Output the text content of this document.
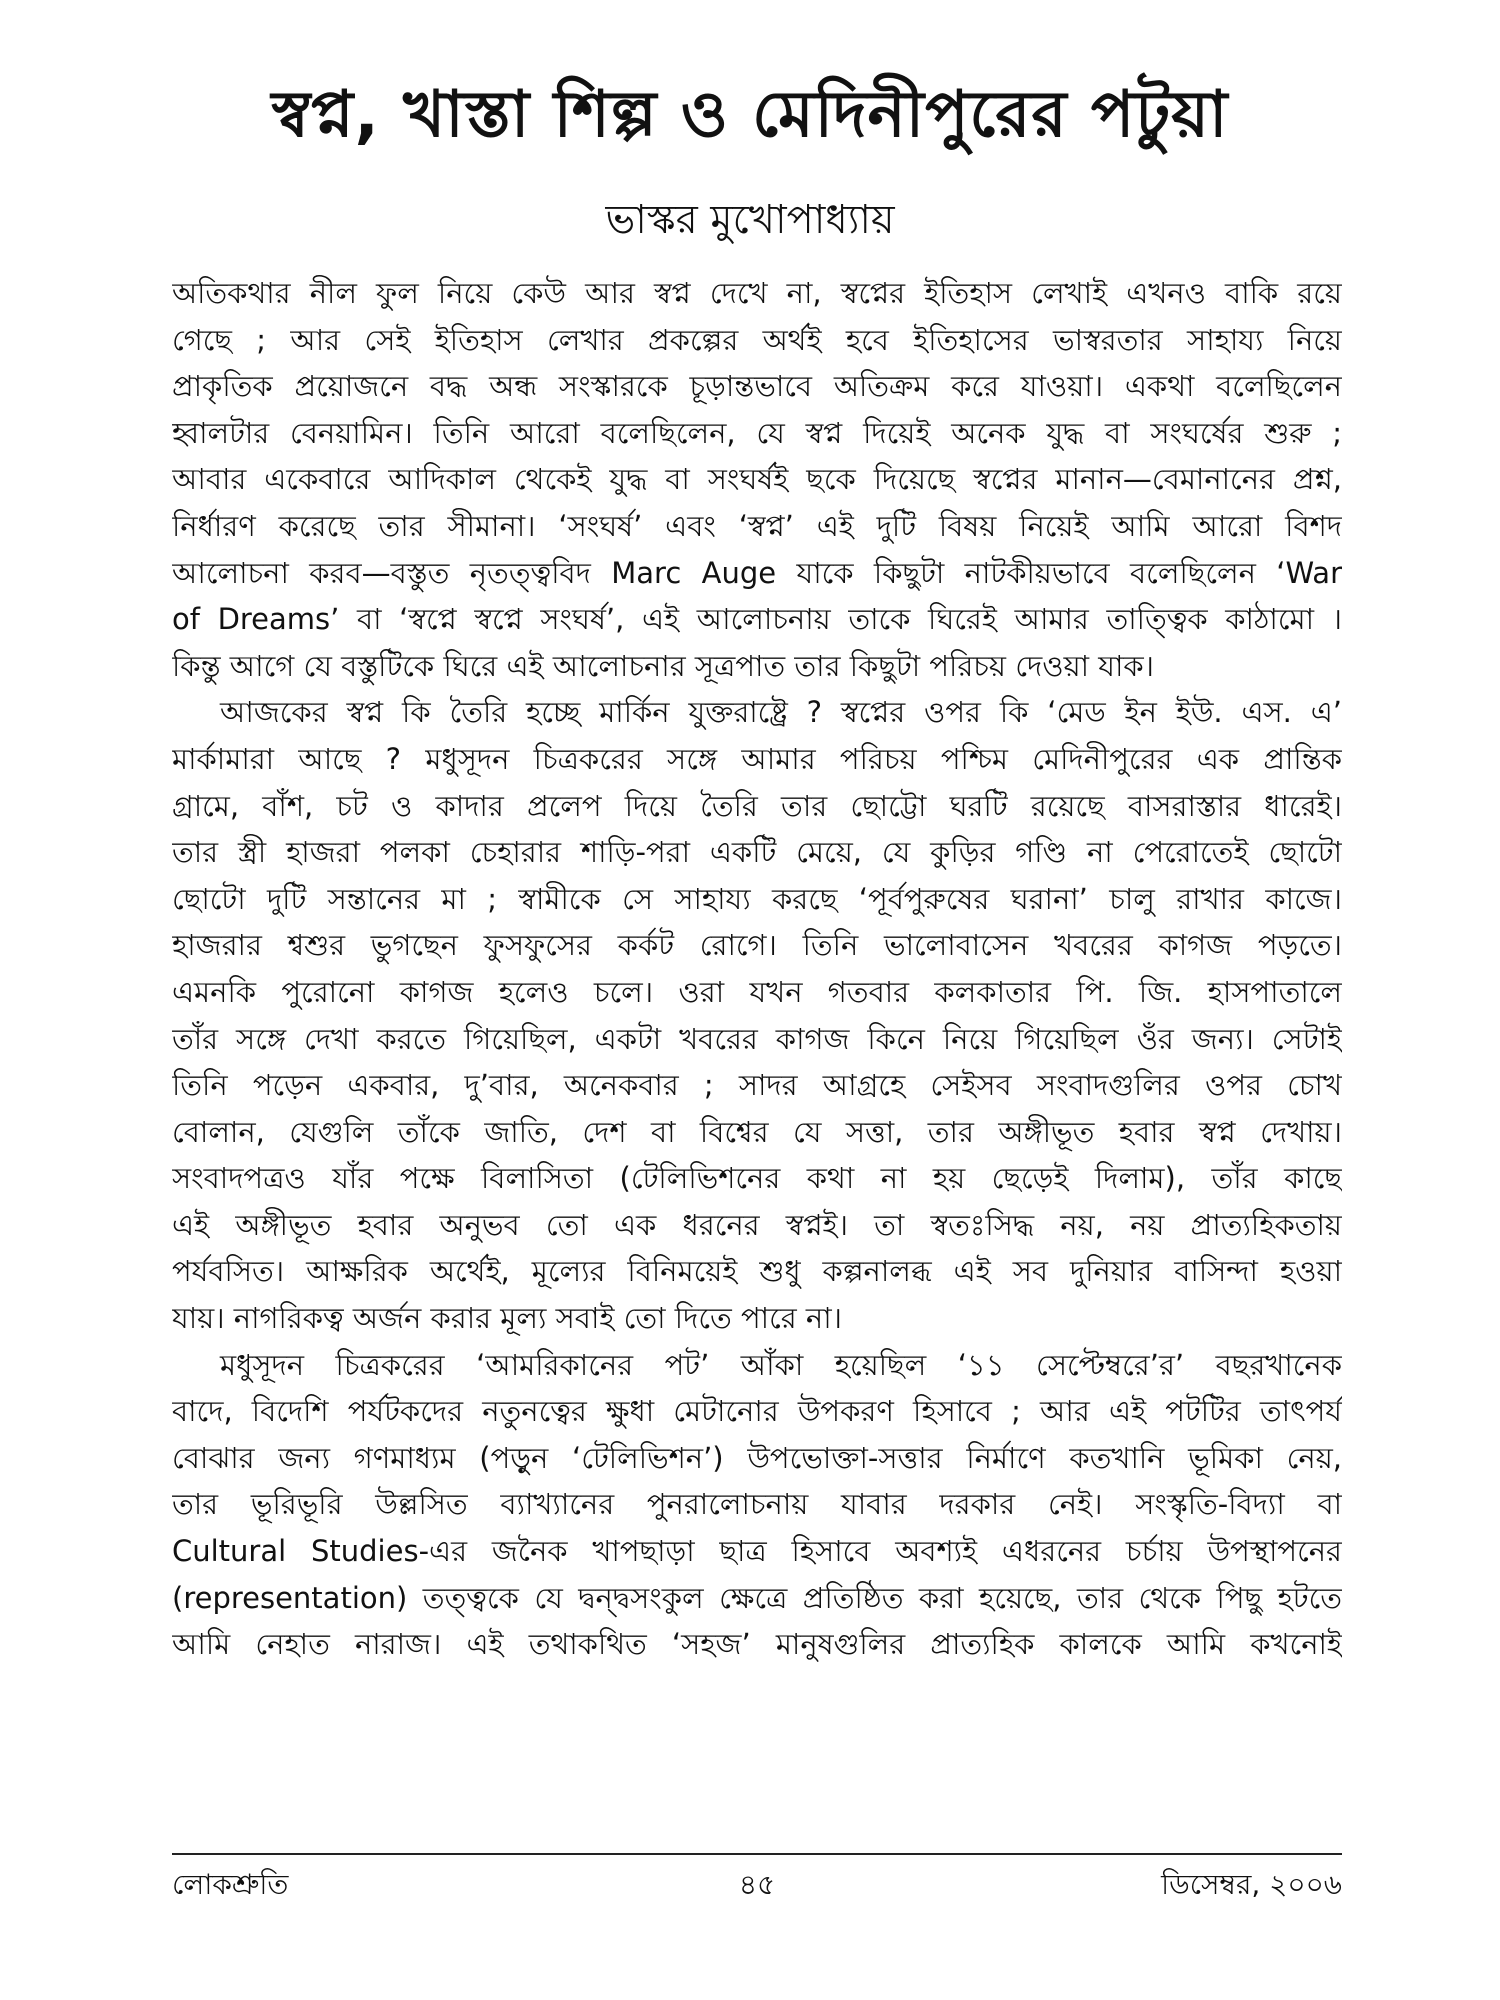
স্বপ্ন, খাস্তা শিল্প ও মেদিনীপুরের পটুয়া
ভাস্কর মুখোপাধ্যায়
অতিকথার নীল ফুল নিয়ে কেউ আর স্বপ্ন দেখে না, স্বপ্নের ইতিহাস লেখাই এখনও বাকি রয়ে
গেছে ; আর সেই ইতিহাস লেখার প্রকল্পের অর্থই হবে ইতিহাসের ভাস্বরতার সাহায্য নিয়ে
প্রাকৃতিক প্রয়োজনে বদ্ধ অন্ধ সংস্কারকে চূড়ান্তভাবে অতিক্রম করে যাওয়া। একথা বলেছিলেন
হ্বালটার বেনয়ামিন। তিনি আরো বলেছিলেন, যে স্বপ্ন দিয়েই অনেক যুদ্ধ বা সংঘর্ষের শুরু ;
আবার একেবারে আদিকাল থেকেই যুদ্ধ বা সংঘর্ষই ছকে দিয়েছে স্বপ্নের মানান—বেমানানের প্রশ্ন,
নির্ধারণ করেছে তার সীমানা। ‘সংঘর্ষ’ এবং ‘স্বপ্ন’ এই দুটি বিষয় নিয়েই আমি আরো বিশদ
আলোচনা করব—বস্তুত নৃতত্ত্ববিদ Marc Auge যাকে কিছুটা নাটকীয়ভাবে বলেছিলেন ‘War
of Dreams’ বা ‘স্বপ্নে স্বপ্নে সংঘর্ষ’, এই আলোচনায় তাকে ঘিরেই আমার তাত্ত্বিক কাঠামো ।
কিন্তু আগে যে বস্তুটিকে ঘিরে এই আলোচনার সূত্রপাত তার কিছুটা পরিচয় দেওয়া যাক।
আজকের স্বপ্ন কি তৈরি হচ্ছে মার্কিন যুক্তরাষ্ট্রে ? স্বপ্নের ওপর কি ‘মেড ইন ইউ. এস. এ’
মার্কামারা আছে ? মধুসূদন চিত্রকরের সঙ্গে আমার পরিচয় পশ্চিম মেদিনীপুরের এক প্রান্তিক
গ্রামে, বাঁশ, চট ও কাদার প্রলেপ দিয়ে তৈরি তার ছোট্টো ঘরটি রয়েছে বাসরাস্তার ধারেই।
তার স্ত্রী হাজরা পলকা চেহারার শাড়ি-পরা একটি মেয়ে, যে কুড়ির গণ্ডি না পেরোতেই ছোটো
ছোটো দুটি সন্তানের মা ; স্বামীকে সে সাহায্য করছে ‘পূর্বপুরুষের ঘরানা’ চালু রাখার কাজে।
হাজরার শ্বশুর ভুগছেন ফুসফুসের কর্কট রোগে। তিনি ভালোবাসেন খবরের কাগজ পড়তে।
এমনকি পুরোনো কাগজ হলেও চলে। ওরা যখন গতবার কলকাতার পি. জি. হাসপাতালে
তাঁর সঙ্গে দেখা করতে গিয়েছিল, একটা খবরের কাগজ কিনে নিয়ে গিয়েছিল ওঁর জন্য। সেটাই
তিনি পড়েন একবার, দু’বার, অনেকবার ; সাদর আগ্রহে সেইসব সংবাদগুলির ওপর চোখ
বোলান, যেগুলি তাঁকে জাতি, দেশ বা বিশ্বের যে সত্তা, তার অঙ্গীভূত হবার স্বপ্ন দেখায়।
সংবাদপত্রও যাঁর পক্ষে বিলাসিতা (টেলিভিশনের কথা না হয় ছেড়েই দিলাম), তাঁর কাছে
এই অঙ্গীভূত হবার অনুভব তো এক ধরনের স্বপ্নই। তা স্বতঃসিদ্ধ নয়, নয় প্রাত্যহিকতায়
পর্যবসিত। আক্ষরিক অর্থেই, মূল্যের বিনিময়েই শুধু কল্পনালব্ধ এই সব দুনিয়ার বাসিন্দা হওয়া
যায়। নাগরিকত্ব অর্জন করার মূল্য সবাই তো দিতে পারে না।
মধুসূদন চিত্রকরের ‘আমরিকানের পট’ আঁকা হয়েছিল ‘১১ সেপ্টেম্বরে’র’ বছরখানেক
বাদে, বিদেশি পর্যটকদের নতুনত্বের ক্ষুধা মেটানোর উপকরণ হিসাবে ; আর এই পটটির তাৎপর্য
বোঝার জন্য গণমাধ্যম (পড়ুন ‘টেলিভিশন’) উপভোক্তা-সত্তার নির্মাণে কতখানি ভূমিকা নেয়,
তার ভূরিভূরি উল্লসিত ব্যাখ্যানের পুনরালোচনায় যাবার দরকার নেই। সংস্কৃতি-বিদ্যা বা
Cultural Studies-এর জনৈক খাপছাড়া ছাত্র হিসাবে অবশ্যই এধরনের চর্চায় উপস্থাপনের
(representation) তত্ত্বকে যে দ্বন্দ্বসংকুল ক্ষেত্রে প্রতিষ্ঠিত করা হয়েছে, তার থেকে পিছু হটতে
আমি নেহাত নারাজ। এই তথাকথিত ‘সহজ’ মানুষগুলির প্রাত্যহিক কালকে আমি কখনোই
লোকশ্রুতি	৪৫	ডিসেম্বর, ২০০৬
